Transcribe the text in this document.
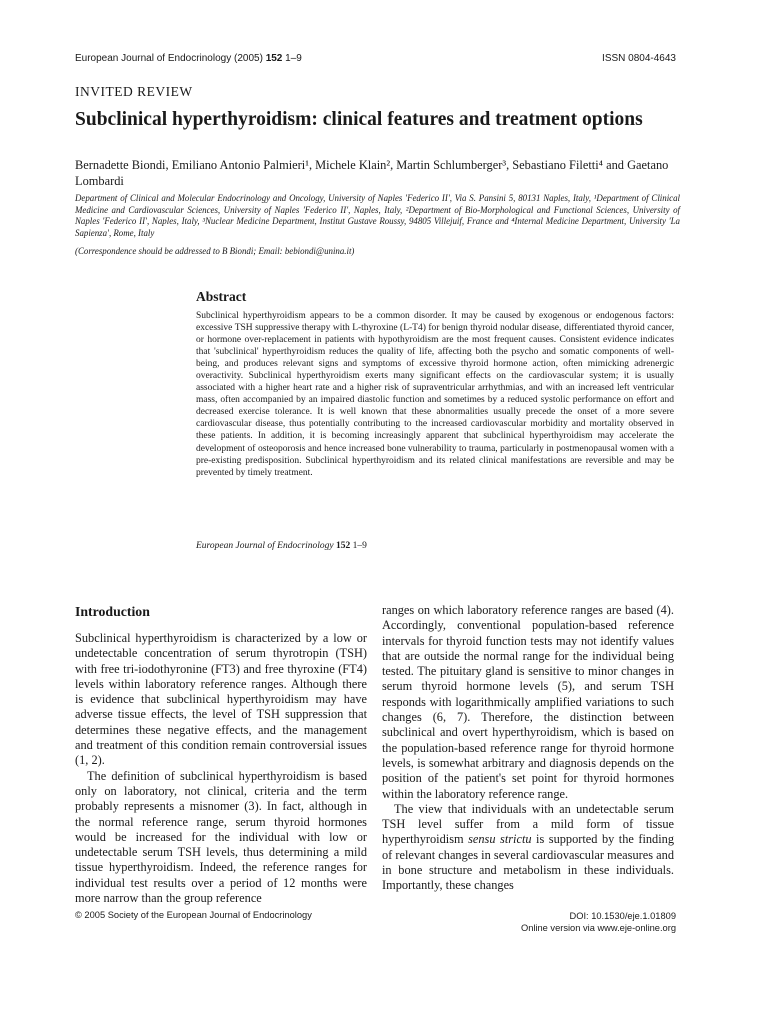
European Journal of Endocrinology (2005) 152 1–9	ISSN 0804-4643
INVITED REVIEW
Subclinical hyperthyroidism: clinical features and treatment options
Bernadette Biondi, Emiliano Antonio Palmieri¹, Michele Klain², Martin Schlumberger³, Sebastiano Filetti⁴ and Gaetano Lombardi
Department of Clinical and Molecular Endocrinology and Oncology, University of Naples 'Federico II', Via S. Pansini 5, 80131 Naples, Italy, ¹Department of Clinical Medicine and Cardiovascular Sciences, University of Naples 'Federico II', Naples, Italy, ²Department of Bio-Morphological and Functional Sciences, University of Naples 'Federico II', Naples, Italy, ³Nuclear Medicine Department, Institut Gustave Roussy, 94805 Villejuif, France and ⁴Internal Medicine Department, University 'La Sapienza', Rome, Italy
(Correspondence should be addressed to B Biondi; Email: bebiondi@unina.it)
Abstract

Subclinical hyperthyroidism appears to be a common disorder. It may be caused by exogenous or endogenous factors: excessive TSH suppressive therapy with L-thyroxine (L-T4) for benign thyroid nodular disease, differentiated thyroid cancer, or hormone over-replacement in patients with hypothyroidism are the most frequent causes. Consistent evidence indicates that 'subclinical' hyperthyroidism reduces the quality of life, affecting both the psycho and somatic components of well-being, and produces relevant signs and symptoms of excessive thyroid hormone action, often mimicking adrenergic overactivity. Subclinical hyperthyroidism exerts many significant effects on the cardiovascular system; it is usually associated with a higher heart rate and a higher risk of supraventricular arrhythmias, and with an increased left ventricular mass, often accompanied by an impaired diastolic function and sometimes by a reduced systolic performance on effort and decreased exercise tolerance. It is well known that these abnormalities usually precede the onset of a more severe cardiovascular disease, thus potentially contributing to the increased cardiovascular morbidity and mortality observed in these patients. In addition, it is becoming increasingly apparent that subclinical hyperthyroidism may accelerate the development of osteoporosis and hence increased bone vulnerability to trauma, particularly in postmenopausal women with a pre-existing predisposition. Subclinical hyperthyroidism and its related clinical manifestations are reversible and may be prevented by timely treatment.

European Journal of Endocrinology 152 1–9
Introduction

Subclinical hyperthyroidism is characterized by a low or undetectable concentration of serum thyrotropin (TSH) with free tri-iodothyronine (FT3) and free thyroxine (FT4) levels within laboratory reference ranges. Although there is evidence that subclinical hyperthyroidism may have adverse tissue effects, the level of TSH suppression that determines these negative effects, and the management and treatment of this condition remain controversial issues (1, 2).

The definition of subclinical hyperthyroidism is based only on laboratory, not clinical, criteria and the term probably represents a misnomer (3). In fact, although in the normal reference range, serum thyroid hormones would be increased for the individual with low or undetectable serum TSH levels, thus determining a mild tissue hyperthyroidism. Indeed, the reference ranges for individual test results over a period of 12 months were more narrow than the group reference

ranges on which laboratory reference ranges are based (4). Accordingly, conventional population-based reference intervals for thyroid function tests may not identify values that are outside the normal range for the individual being tested. The pituitary gland is sensitive to minor changes in serum thyroid hormone levels (5), and serum TSH responds with logarithmically amplified variations to such changes (6, 7). Therefore, the distinction between subclinical and overt hyperthyroidism, which is based on the population-based reference range for thyroid hormone levels, is somewhat arbitrary and diagnosis depends on the position of the patient's set point for thyroid hormones within the laboratory reference range.

The view that individuals with an undetectable serum TSH level suffer from a mild form of tissue hyperthyroidism sensu strictu is supported by the finding of relevant changes in several cardiovascular measures and in bone structure and metabolism in these individuals. Importantly, these changes

© 2005 Society of the European Journal of Endocrinology	DOI: 10.1530/eje.1.01809
Online version via www.eje-online.org
